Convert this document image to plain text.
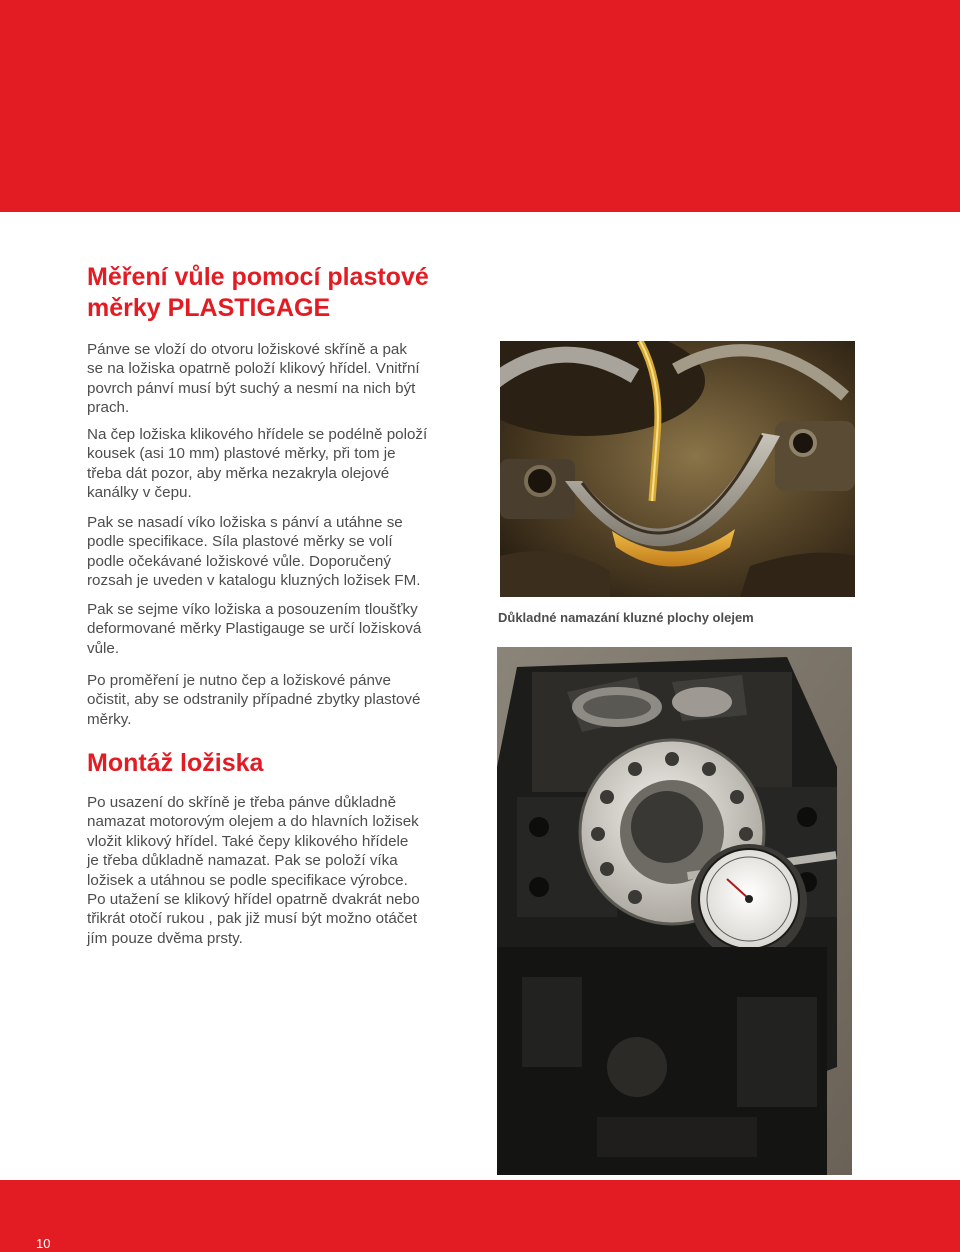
Měření vůle pomocí plastové
měrky PLASTIGAGE

Pánve se vloží do otvoru ložiskové skříně a pak
se na ložiska opatrně položí klikový hřídel. Vnitřní
povrch pánví musí být suchý a nesmí na nich být
prach.

Na čep ložiska klikového hřídele se podélně položí
kousek (asi 10 mm) plastové měrky, při tom je
třeba dát pozor, aby měrka nezakryla olejové
kanálky v čepu.

Pak se nasadí víko ložiska s pánví a utáhne se
podle specifikace. Síla plastové měrky se volí
podle očekávané ložiskové vůle. Doporučený
rozsah je uveden v katalogu kluzných ložisek FM.

Pak se sejme víko ložiska a posouzením tloušťky
deformované měrky Plastigauge se určí ložisková
vůle.

Po proměření je nutno čep a ložiskové pánve
očistit, aby se odstranily případné zbytky plastové
měrky.

Montáž ložiska

Po usazení do skříně je třeba pánve důkladně
namazat motorovým olejem a do hlavních ložisek
vložit klikový hřídel. Také čepy klikového hřídele
je třeba důkladně namazat. Pak se položí víka
ložisek a utáhnou se podle specifikace výrobce.
Po utažení se klikový hřídel opatrně dvakrát nebo
třikrát otočí rukou , pak již musí být možno otáčet
jím pouze dvěma prsty.

Důkladné namazání kluzné plochy olejem
10
